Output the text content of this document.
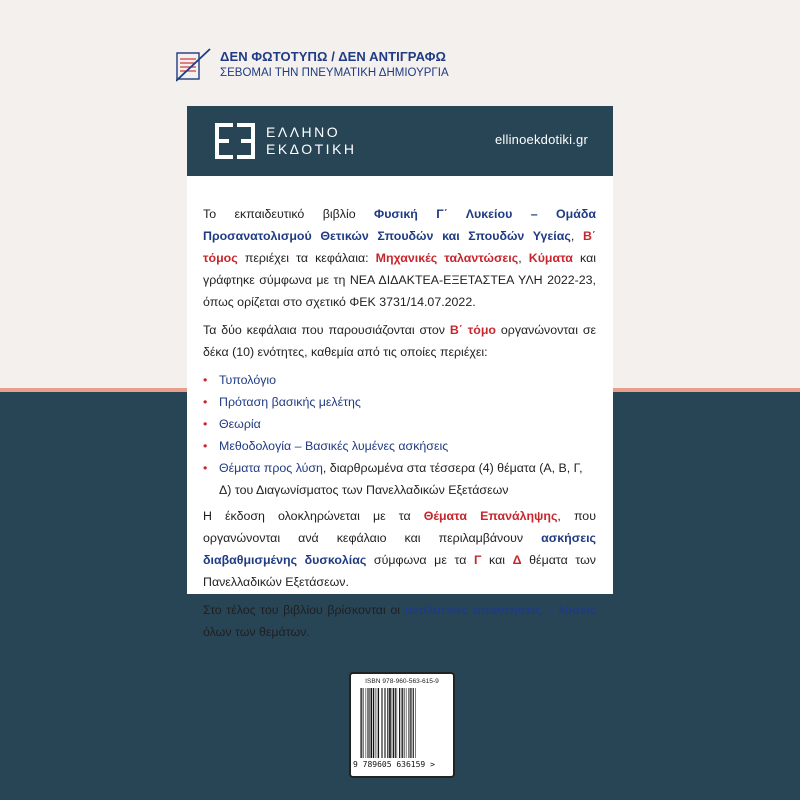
ΔΕΝ ΦΩΤΟΤΥΠΩ / ΔΕΝ ΑΝΤΙΓΡΑΦΩ
ΣΕΒΟΜΑΙ ΤΗΝ ΠΝΕΥΜΑΤΙΚΗ ΔΗΜΙΟΥΡΓΙΑ
ΕΛΛΗΝΟ
ΕΚΔΟΤΙΚΗ
ellinoekdotiki.gr

Το εκπαιδευτικό βιβλίο Φυσική Γ΄ Λυκείου – Ομάδα Προσανατολισμού Θετικών Σπουδών και Σπουδών Υγείας, Β΄ τόμος περιέχει τα κεφάλαια: Μηχανικές ταλαντώσεις, Κύματα και γράφτηκε σύμφωνα με τη ΝΕΑ ΔΙΔΑΚΤΕΑ-ΕΞΕΤΑΣΤΕΑ ΥΛΗ 2022-23, όπως ορίζεται στο σχετικό ΦΕΚ 3731/14.07.2022.

Τα δύο κεφάλαια που παρουσιάζονται στον Β΄ τόμο οργανώνονται σε δέκα (10) ενότητες, καθεμία από τις οποίες περιέχει:

• Τυπολόγιο
• Πρόταση βασικής μελέτης
• Θεωρία
• Μεθοδολογία – Βασικές λυμένες ασκήσεις
• Θέματα προς λύση, διαρθρωμένα στα τέσσερα (4) θέματα (Α, Β, Γ, Δ) του Διαγωνίσματος των Πανελλαδικών Εξετάσεων

Η έκδοση ολοκληρώνεται με τα Θέματα Επανάληψης, που οργανώνονται ανά κεφάλαιο και περιλαμβάνουν ασκήσεις διαβαθμισμένης δυσκολίας σύμφωνα με τα Γ και Δ θέματα των Πανελλαδικών Εξετάσεων.

Στο τέλος του βιβλίου βρίσκονται οι αναλυτικές απαντήσεις – λύσεις όλων των θεμάτων.

ISBN 978-960-563-615-9
9 789605 636159 >
